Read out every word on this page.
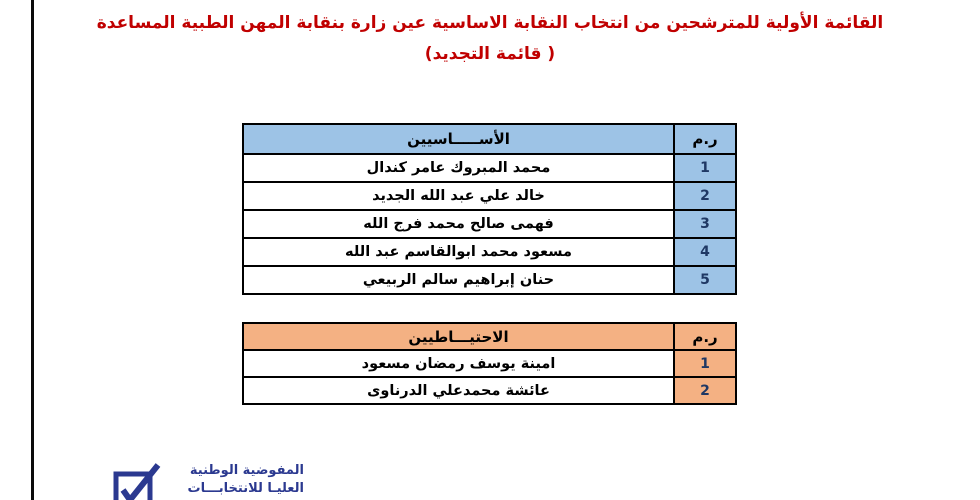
القائمة الأولية للمترشحين من انتخاب النقابة الاساسية عين زارة بنقابة المهن الطبية المساعدة
( قائمة التجديد)
ر.م	الأســـــاسيين
1	محمد المبروك عامر كندال
2	خالد علي عبد الله الجديد
3	فهمى صالح محمد فرج الله
4	مسعود محمد ابوالقاسم عبد الله
5	حنان إبراهيم سالم الربيعي
ر.م	الاحتيـــاطيين
1	امينة يوسف رمضان مسعود
2	عائشة محمدعلي الدرناوى
المفوضية الوطنية
العليـا للانتخابـــات
